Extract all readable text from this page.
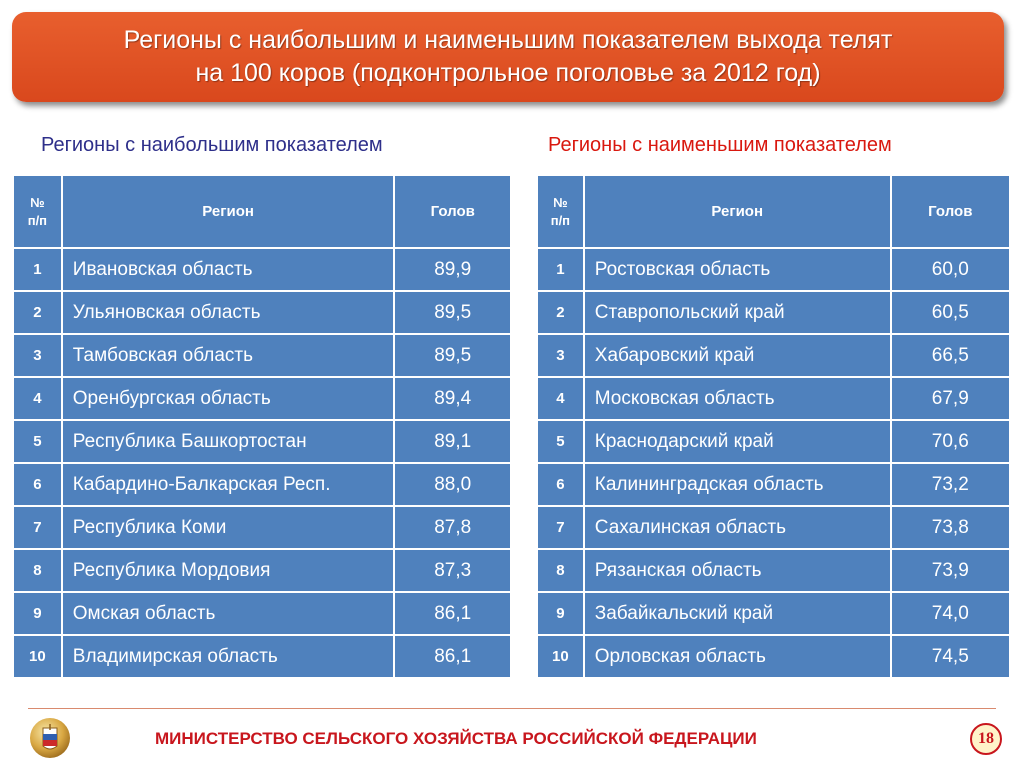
Регионы с наибольшим и наименьшим показателем выхода телят
на 100 коров (подконтрольное поголовье за 2012 год)
Регионы с наибольшим показателем	Регионы с наименьшим показателем
№
п/п	Регион	Голов
1	Ивановская область	89,9
2	Ульяновская область	89,5
3	Тамбовская область	89,5
4	Оренбургская область	89,4
5	Республика Башкортостан	89,1
6	Кабардино-Балкарская Респ.	88,0
7	Республика Коми	87,8
8	Республика Мордовия	87,3
9	Омская область	86,1
10	Владимирская область	86,1
№
п/п	Регион	Голов
1	Ростовская область	60,0
2	Ставропольский край	60,5
3	Хабаровский край	66,5
4	Московская область	67,9
5	Краснодарский край	70,6
6	Калининградская область	73,2
7	Сахалинская область	73,8
8	Рязанская область	73,9
9	Забайкальский край	74,0
10	Орловская область	74,5
МИНИСТЕРСТВО СЕЛЬСКОГО ХОЗЯЙСТВА РОССИЙСКОЙ ФЕДЕРАЦИИ	18
